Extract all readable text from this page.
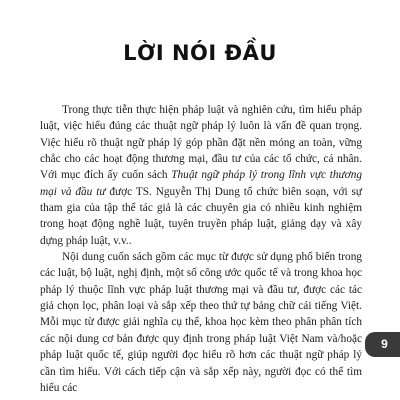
LỜI NÓI ĐẦU

Trong thực tiễn thực hiện pháp luật và nghiên cứu, tìm hiểu pháp luật, việc hiểu đúng các thuật ngữ pháp lý luôn là vấn đề quan trọng. Việc hiểu rõ thuật ngữ pháp lý góp phần đặt nền móng an toàn, vững chắc cho các hoạt động thương mại, đầu tư của các tổ chức, cá nhân. Với mục đích ấy cuốn sách Thuật ngữ pháp lý trong lĩnh vực thương mại và đầu tư được TS. Nguyễn Thị Dung tổ chức biên soạn, với sự tham gia của tập thể tác giả là các chuyên gia có nhiều kinh nghiệm trong hoạt động nghề luật, tuyên truyền pháp luật, giảng dạy và xây dựng pháp luật, v.v..

Nội dung cuốn sách gồm các mục từ được sử dụng phổ biến trong các luật, bộ luật, nghị định, một số công ước quốc tế và trong khoa học pháp lý thuộc lĩnh vực pháp luật thương mại và đầu tư, được các tác giả chọn lọc, phân loại và sắp xếp theo thứ tự bảng chữ cái tiếng Việt. Mỗi mục từ được giải nghĩa cụ thể, khoa học kèm theo phân phân tích các nội dung cơ bản được quy định trong pháp luật Việt Nam và/hoặc pháp luật quốc tế, giúp người đọc hiểu rõ hơn các thuật ngữ pháp lý cần tìm hiểu. Với cách tiếp cận và sắp xếp này, người đọc có thể tìm hiểu các

9
